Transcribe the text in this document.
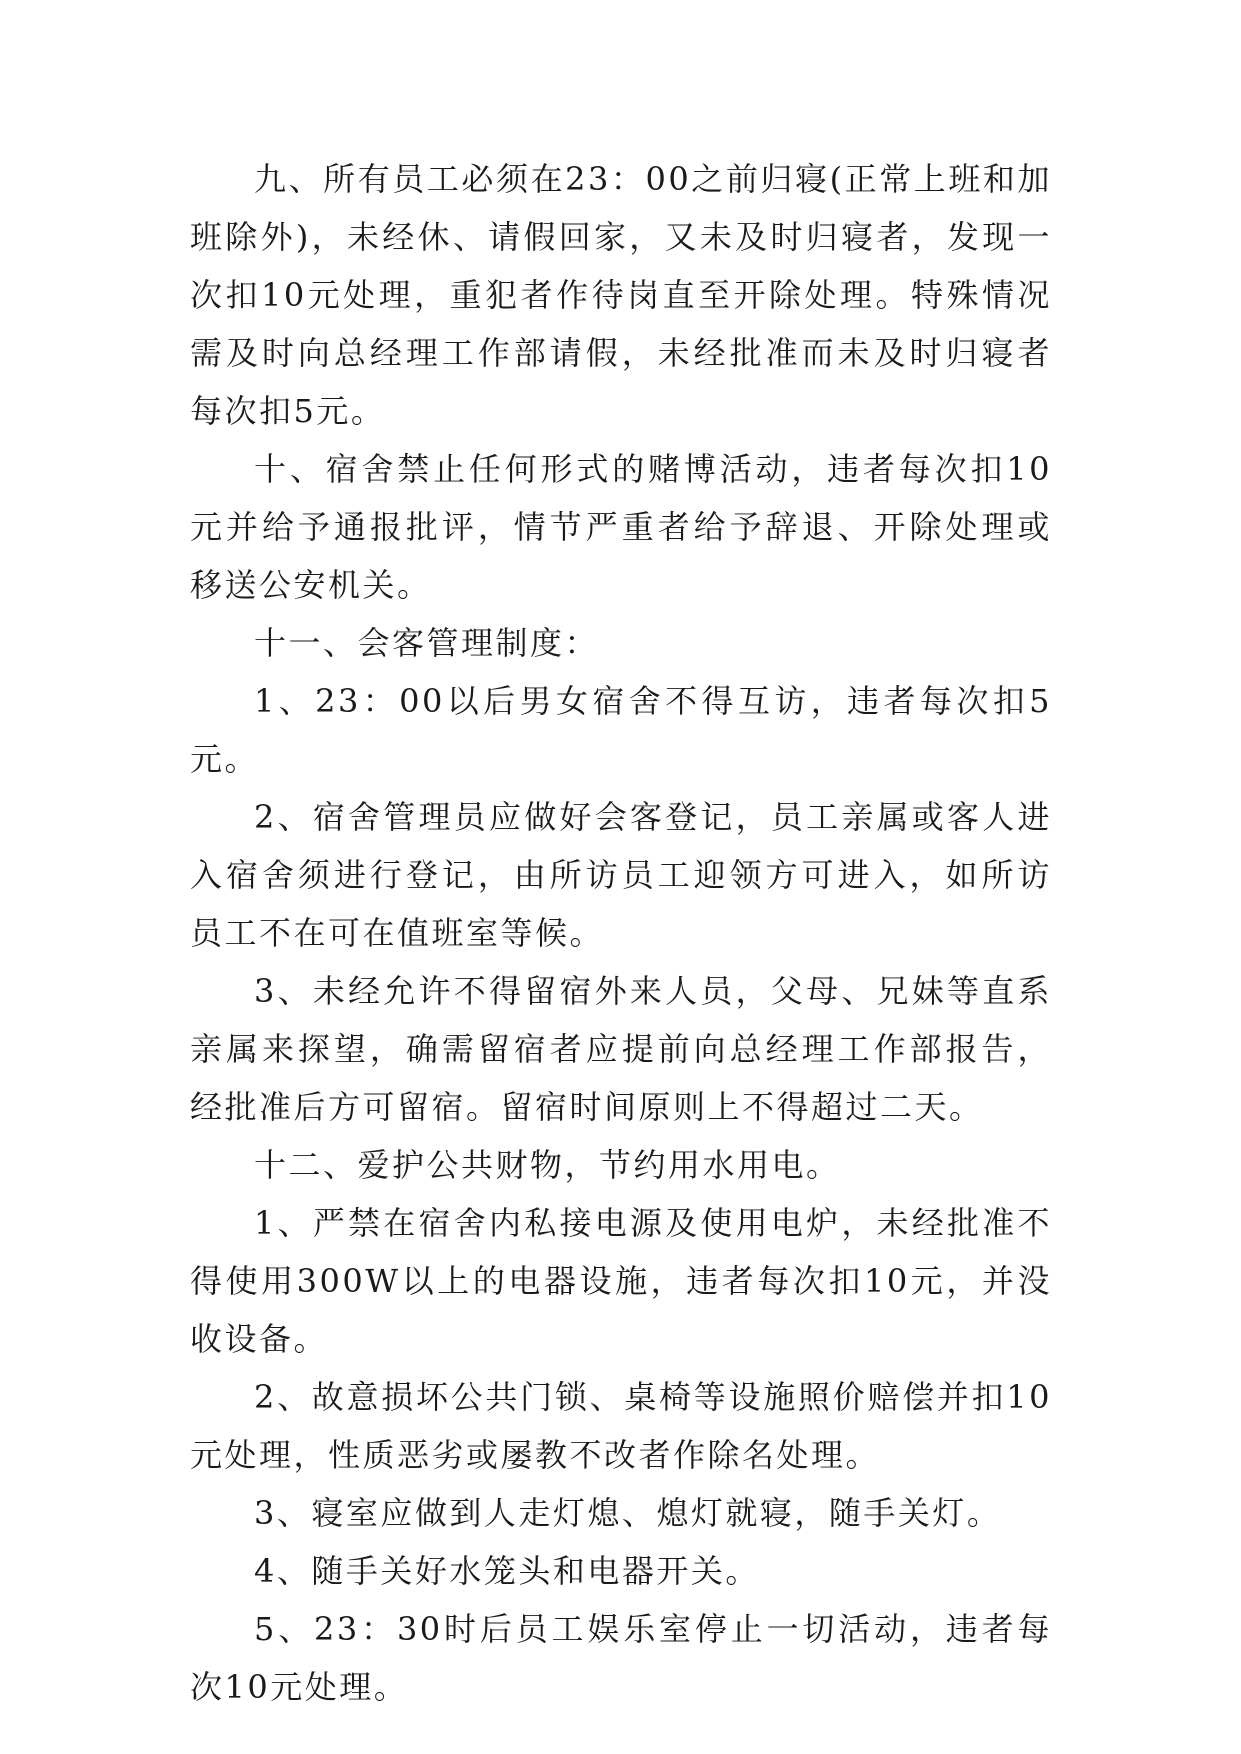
九、所有员工必须在23：00之前归寝(正常上班和加班除外)，未经休、请假回家，又未及时归寝者，发现一次扣10元处理，重犯者作待岗直至开除处理。特殊情况需及时向总经理工作部请假，未经批准而未及时归寝者每次扣5元。

十、宿舍禁止任何形式的赌博活动，违者每次扣10元并给予通报批评，情节严重者给予辞退、开除处理或移送公安机关。

十一、会客管理制度：

1、23：00以后男女宿舍不得互访，违者每次扣5元。

2、宿舍管理员应做好会客登记，员工亲属或客人进入宿舍须进行登记，由所访员工迎领方可进入，如所访员工不在可在值班室等候。

3、未经允许不得留宿外来人员，父母、兄妹等直系亲属来探望，确需留宿者应提前向总经理工作部报告，经批准后方可留宿。留宿时间原则上不得超过二天。

十二、爱护公共财物，节约用水用电。

1、严禁在宿舍内私接电源及使用电炉，未经批准不得使用300W以上的电器设施，违者每次扣10元，并没收设备。

2、故意损坏公共门锁、桌椅等设施照价赔偿并扣10元处理，性质恶劣或屡教不改者作除名处理。

3、寝室应做到人走灯熄、熄灯就寝，随手关灯。

4、随手关好水笼头和电器开关。

5、23：30时后员工娱乐室停止一切活动，违者每次10元处理。
